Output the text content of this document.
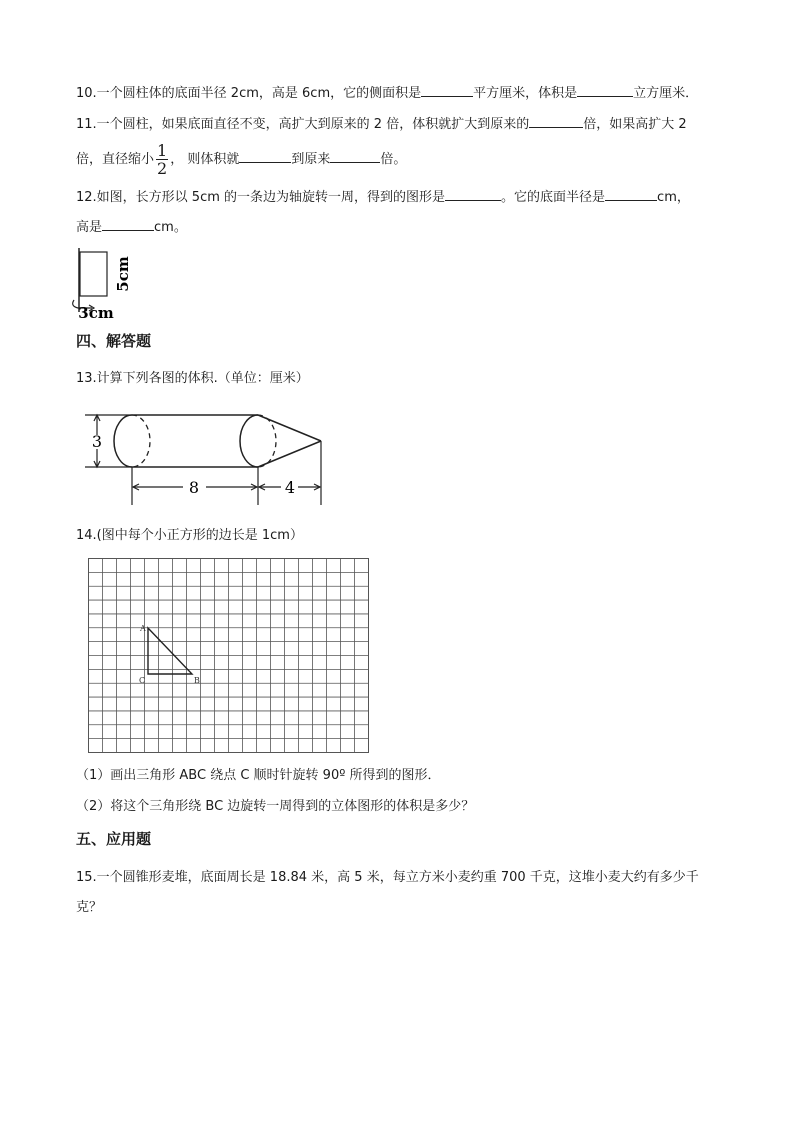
10.一个圆柱体的底面半径 2cm，高是 6cm，它的侧面积是	平方厘米，体积是	立方厘米．
11.一个圆柱，如果底面直径不变，高扩大到原来的 2 倍，体积就扩大到原来的	倍，如果高扩大 2
倍，直径缩小 $\frac{1}{2}$ ， 则体积就	到原来	倍。
12.如图，长方形以 5cm 的一条边为轴旋转一周，得到的图形是	。它的底面半径是	cm，
高是	cm。
5cm
3cm
四、解答题
13.计算下列各图的体积.（单位：厘米）
3
8	4
14.(图中每个小正方形的边长是 1cm）
A
B
C
（1）画出三角形 ABC 绕点 C 顺时针旋转 90º 所得到的图形．
（2）将这个三角形绕 BC 边旋转一周得到的立体图形的体积是多少？
五、应用题
15.一个圆锥形麦堆，底面周长是 18.84 米，高 5 米，每立方米小麦约重 700 千克，这堆小麦大约有多少千
克？
